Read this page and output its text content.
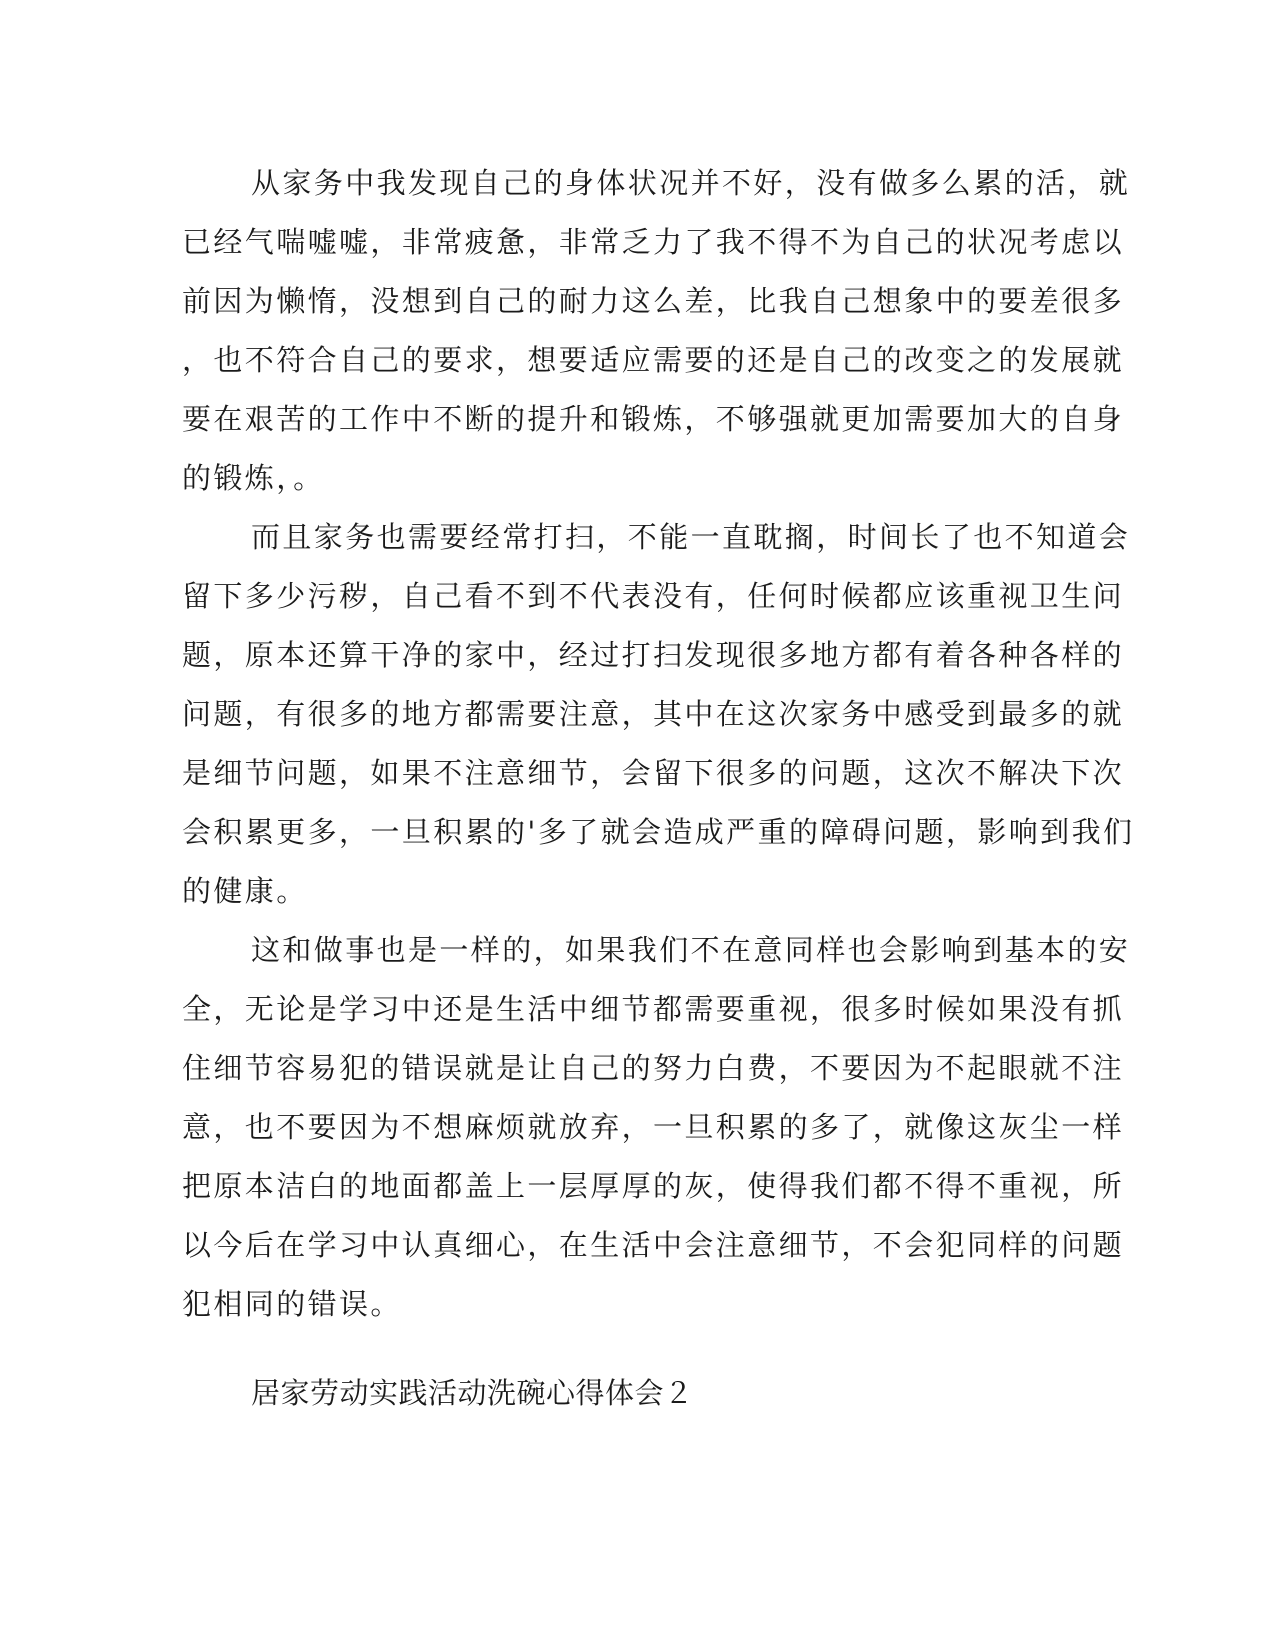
从家务中我发现自己的身体状况并不好，没有做多么累的活，就
已经气喘嘘嘘，非常疲惫，非常乏力了我不得不为自己的状况考虑以
前因为懒惰，没想到自己的耐力这么差，比我自己想象中的要差很多
，也不符合自己的要求，想要适应需要的还是自己的改变之的发展就
要在艰苦的工作中不断的提升和锻炼，不够强就更加需要加大的自身
的锻炼，。
而且家务也需要经常打扫，不能一直耽搁，时间长了也不知道会
留下多少污秽，自己看不到不代表没有，任何时候都应该重视卫生问
题，原本还算干净的家中，经过打扫发现很多地方都有着各种各样的
问题，有很多的地方都需要注意，其中在这次家务中感受到最多的就
是细节问题，如果不注意细节，会留下很多的问题，这次不解决下次
会积累更多，一旦积累的'多了就会造成严重的障碍问题，影响到我们
的健康。
这和做事也是一样的，如果我们不在意同样也会影响到基本的安
全，无论是学习中还是生活中细节都需要重视，很多时候如果没有抓
住细节容易犯的错误就是让自己的努力白费，不要因为不起眼就不注
意，也不要因为不想麻烦就放弃，一旦积累的多了，就像这灰尘一样
把原本洁白的地面都盖上一层厚厚的灰，使得我们都不得不重视，所
以今后在学习中认真细心，在生活中会注意细节，不会犯同样的问题
犯相同的错误。
居家劳动实践活动洗碗心得体会２
